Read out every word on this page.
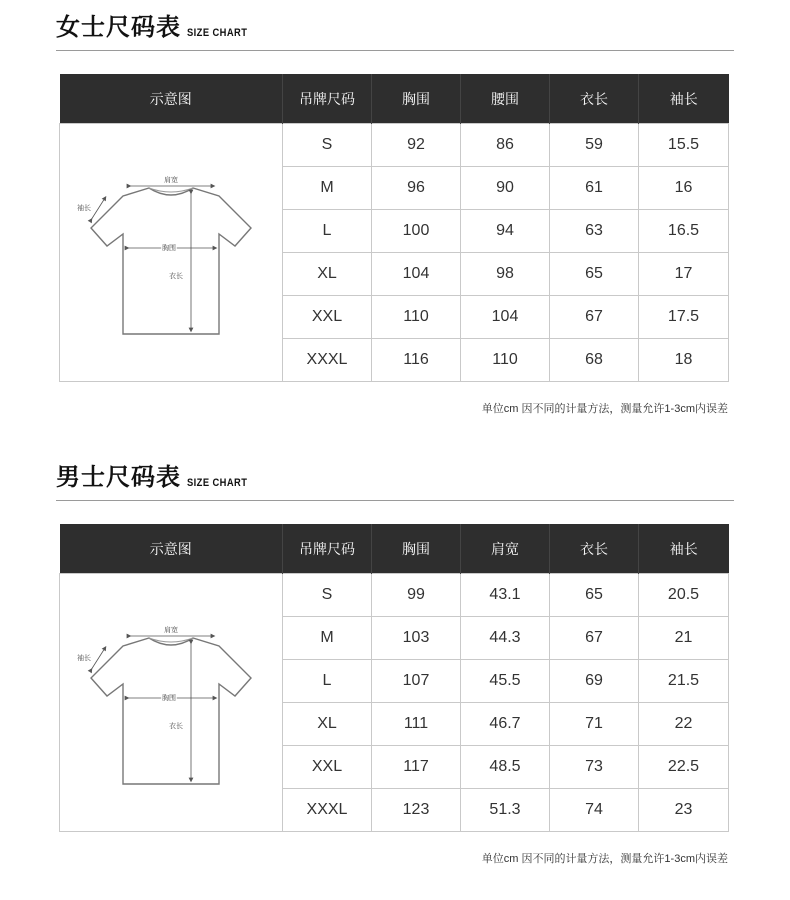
女士尺码表 SIZE CHART
示意图	吊牌尺码	胸围	腰围	衣长	袖长

肩宽
袖长
胸围
衣长	S	92	86	59	15.5
	M	96	90	61	16
	L	100	94	63	16.5
	XL	104	98	65	17
	XXL	110	104	67	17.5
	XXXL	116	110	68	18
单位cm 因不同的计量方法，测量允许1-3cm内误差
男士尺码表 SIZE CHART
示意图	吊牌尺码	胸围	肩宽	衣长	袖长

肩宽
袖长
胸围
衣长	S	99	43.1	65	20.5
	M	103	44.3	67	21
	L	107	45.5	69	21.5
	XL	111	46.7	71	22
	XXL	117	48.5	73	22.5
	XXXL	123	51.3	74	23
单位cm 因不同的计量方法，测量允许1-3cm内误差
